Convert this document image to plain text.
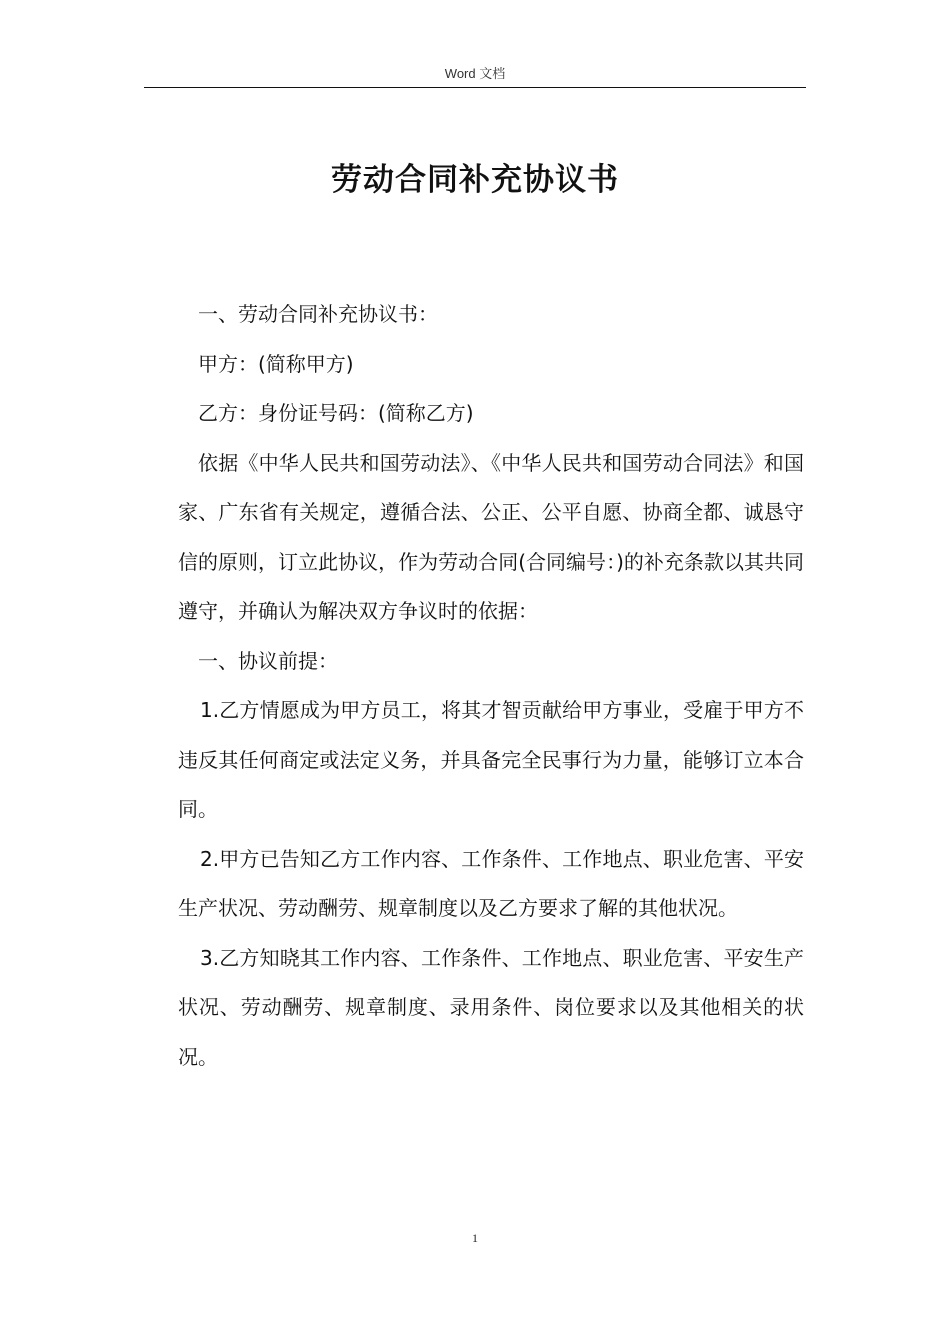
Word 文档
劳动合同补充协议书

一、劳动合同补充协议书：

甲方：(简称甲方)

乙方：身份证号码：(简称乙方)

依据《中华人民共和国劳动法》、《中华人民共和国劳动合同法》和国家、广东省有关规定，遵循合法、公正、公平自愿、协商全都、诚恳守信的原则，订立此协议，作为劳动合同(合同编号：)的补充条款以其共同遵守，并确认为解决双方争议时的依据：

一、协议前提：

1.乙方情愿成为甲方员工，将其才智贡献给甲方事业，受雇于甲方不违反其任何商定或法定义务，并具备完全民事行为力量，能够订立本合同。

2.甲方已告知乙方工作内容、工作条件、工作地点、职业危害、平安生产状况、劳动酬劳、规章制度以及乙方要求了解的其他状况。

3.乙方知晓其工作内容、工作条件、工作地点、职业危害、平安生产状况、劳动酬劳、规章制度、录用条件、岗位要求以及其他相关的状况。

1
